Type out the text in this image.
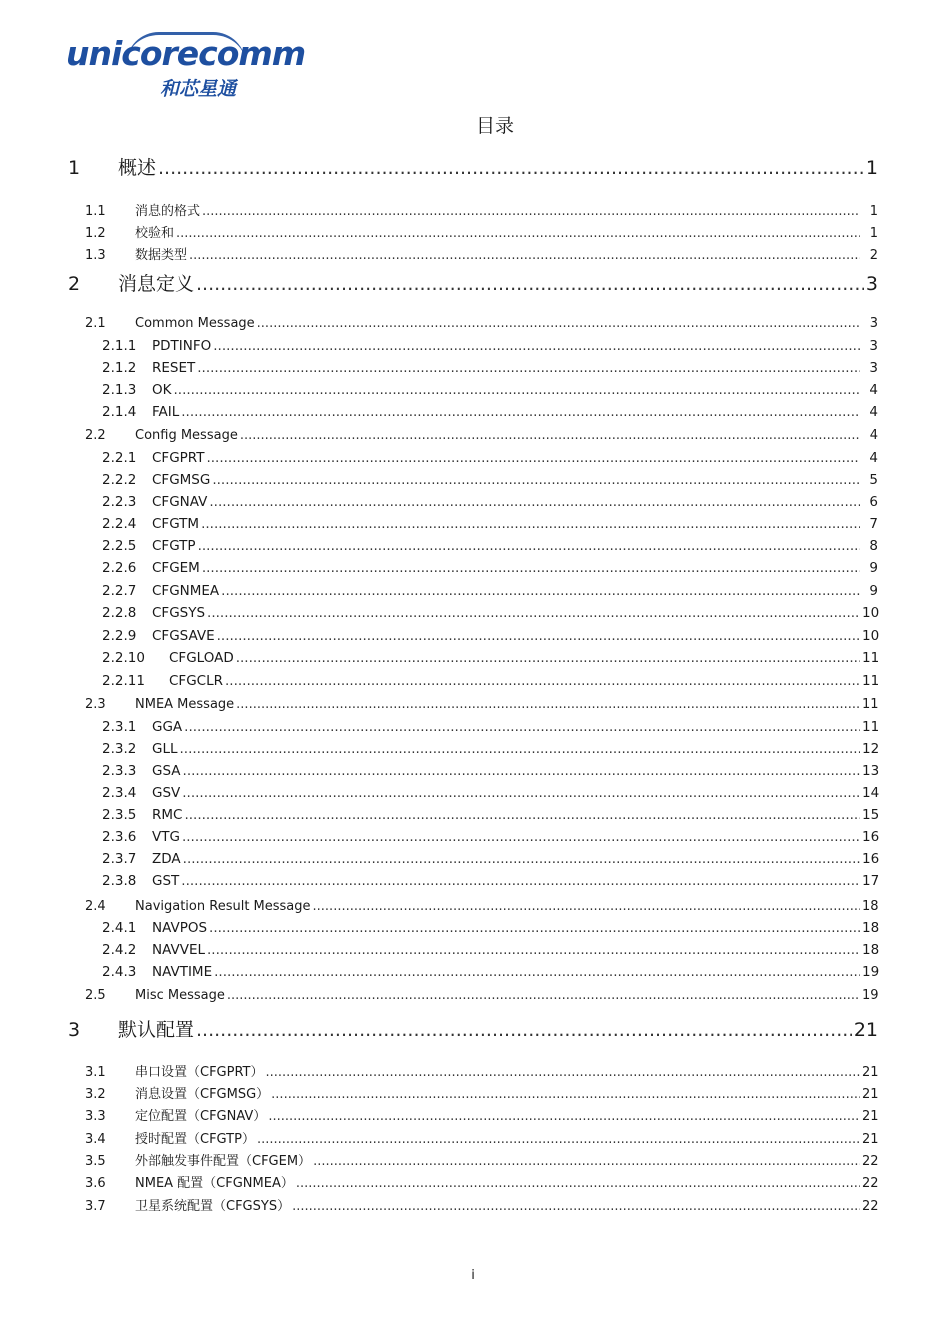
unicorecomm
和芯星通
目录
1	概述 .....	1
1.1	消息的格式 .....	1
1.2	校验和 .....	1
1.3	数据类型 .....	2
2	消息定义 .....	3
2.1	Common Message .....	3
2.1.1	PDTINFO .....	3
2.1.2	RESET .....	3
2.1.3	OK .....	4
2.1.4	FAIL .....	4
2.2	Config Message .....	4
2.2.1	CFGPRT .....	4
2.2.2	CFGMSG .....	5
2.2.3	CFGNAV .....	6
2.2.4	CFGTM .....	7
2.2.5	CFGTP .....	8
2.2.6	CFGEM .....	9
2.2.7	CFGNMEA .....	9
2.2.8	CFGSYS .....	10
2.2.9	CFGSAVE .....	10
2.2.10	CFGLOAD .....	11
2.2.11	CFGCLR .....	11
2.3	NMEA Message .....	11
2.3.1	GGA .....	11
2.3.2	GLL .....	12
2.3.3	GSA .....	13
2.3.4	GSV .....	14
2.3.5	RMC .....	15
2.3.6	VTG .....	16
2.3.7	ZDA .....	16
2.3.8	GST .....	17
2.4	Navigation Result Message .....	18
2.4.1	NAVPOS .....	18
2.4.2	NAVVEL .....	18
2.4.3	NAVTIME .....	19
2.5	Misc Message .....	19
3	默认配置 .....	21
3.1	串口设置（CFGPRT） .....	21
3.2	消息设置（CFGMSG） .....	21
3.3	定位配置（CFGNAV） .....	21
3.4	授时配置（CFGTP） .....	21
3.5	外部触发事件配置（CFGEM） .....	22
3.6	NMEA 配置（CFGNMEA） .....	22
3.7	卫星系统配置（CFGSYS） .....	22
i
